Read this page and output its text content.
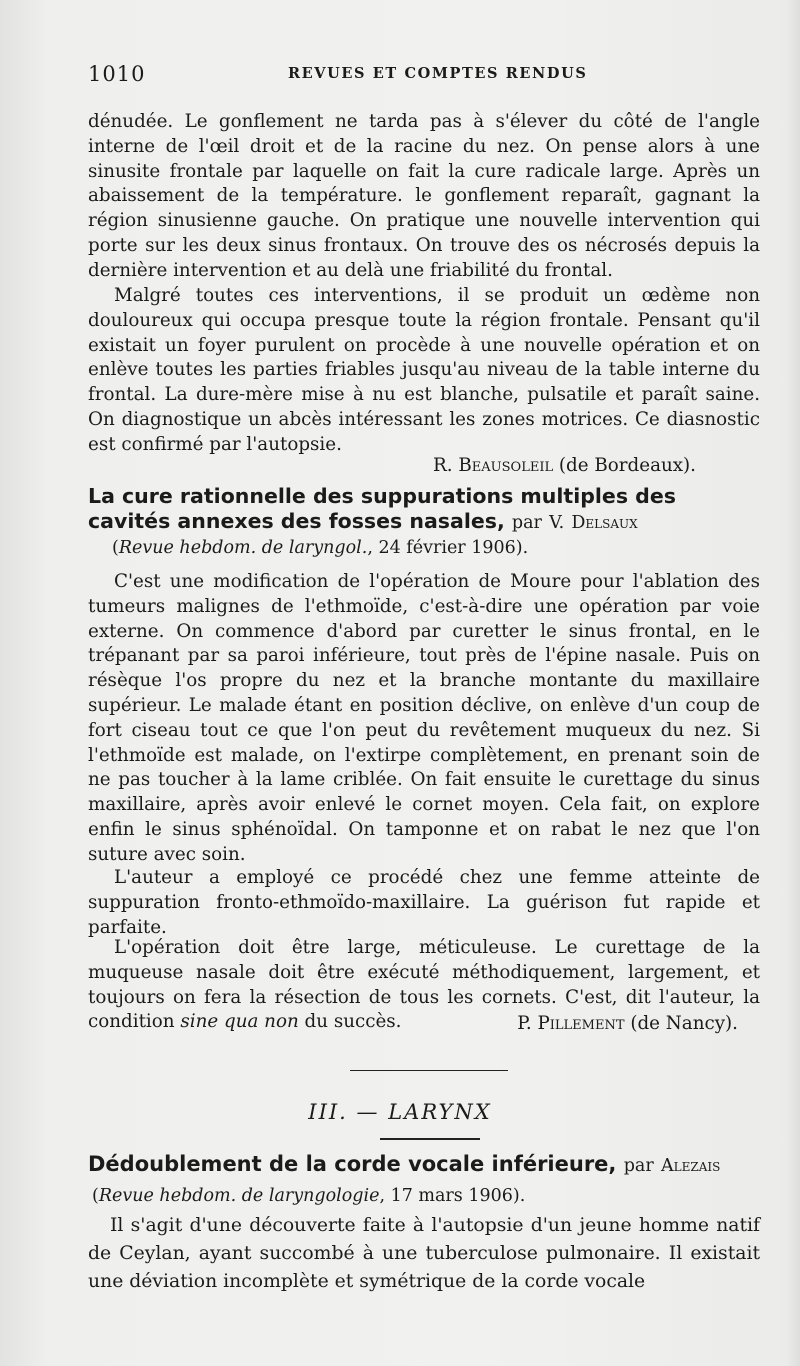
1010	REVUES ET COMPTES RENDUS

dénudée. Le gonflement ne tarda pas à s'élever du côté de l'angle interne de l'œil droit et de la racine du nez. On pense alors à une sinusite frontale par laquelle on fait la cure radicale large. Après un abaissement de la température. le gonflement reparaît, gagnant la région sinusienne gauche. On pratique une nouvelle intervention qui porte sur les deux sinus frontaux. On trouve des os nécrosés depuis la dernière intervention et au delà une friabilité du frontal.

Malgré toutes ces interventions, il se produit un œdème non douloureux qui occupa presque toute la région frontale. Pensant qu'il existait un foyer purulent on procède à une nouvelle opération et on enlève toutes les parties friables jusqu'au niveau de la table interne du frontal. La dure-mère mise à nu est blanche, pulsatile et paraît saine. On diagnostique un abcès intéressant les zones motrices. Ce diasnostic est confirmé par l'autopsie.

R. Beausoleil (de Bordeaux).

La cure rationnelle des suppurations multiples des cavités annexes des fosses nasales, par V. Delsaux

(Revue hebdom. de laryngol., 24 février 1906).

C'est une modification de l'opération de Moure pour l'ablation des tumeurs malignes de l'ethmoïde, c'est-à-dire une opération par voie externe. On commence d'abord par curetter le sinus frontal, en le trépanant par sa paroi inférieure, tout près de l'épine nasale. Puis on résèque l'os propre du nez et la branche montante du maxillaire supérieur. Le malade étant en position déclive, on enlève d'un coup de fort ciseau tout ce que l'on peut du revêtement muqueux du nez. Si l'ethmoïde est malade, on l'extirpe complètement, en prenant soin de ne pas toucher à la lame criblée. On fait ensuite le curettage du sinus maxillaire, après avoir enlevé le cornet moyen. Cela fait, on explore enfin le sinus sphénoïdal. On tamponne et on rabat le nez que l'on suture avec soin.

L'auteur a employé ce procédé chez une femme atteinte de suppuration fronto-ethmoïdo-maxillaire. La guérison fut rapide et parfaite.

L'opération doit être large, méticuleuse. Le curettage de la muqueuse nasale doit être exécuté méthodiquement, largement, et toujours on fera la résection de tous les cornets. C'est, dit l'auteur, la condition sine qua non du succès.	P. Pillement (de Nancy).
III. — LARYNX

Dédoublement de la corde vocale inférieure, par Alezais

(Revue hebdom. de laryngologie, 17 mars 1906).

Il s'agit d'une découverte faite à l'autopsie d'un jeune homme natif de Ceylan, ayant succombé à une tuberculose pulmonaire. Il existait une déviation incomplète et symétrique de la corde vocale
